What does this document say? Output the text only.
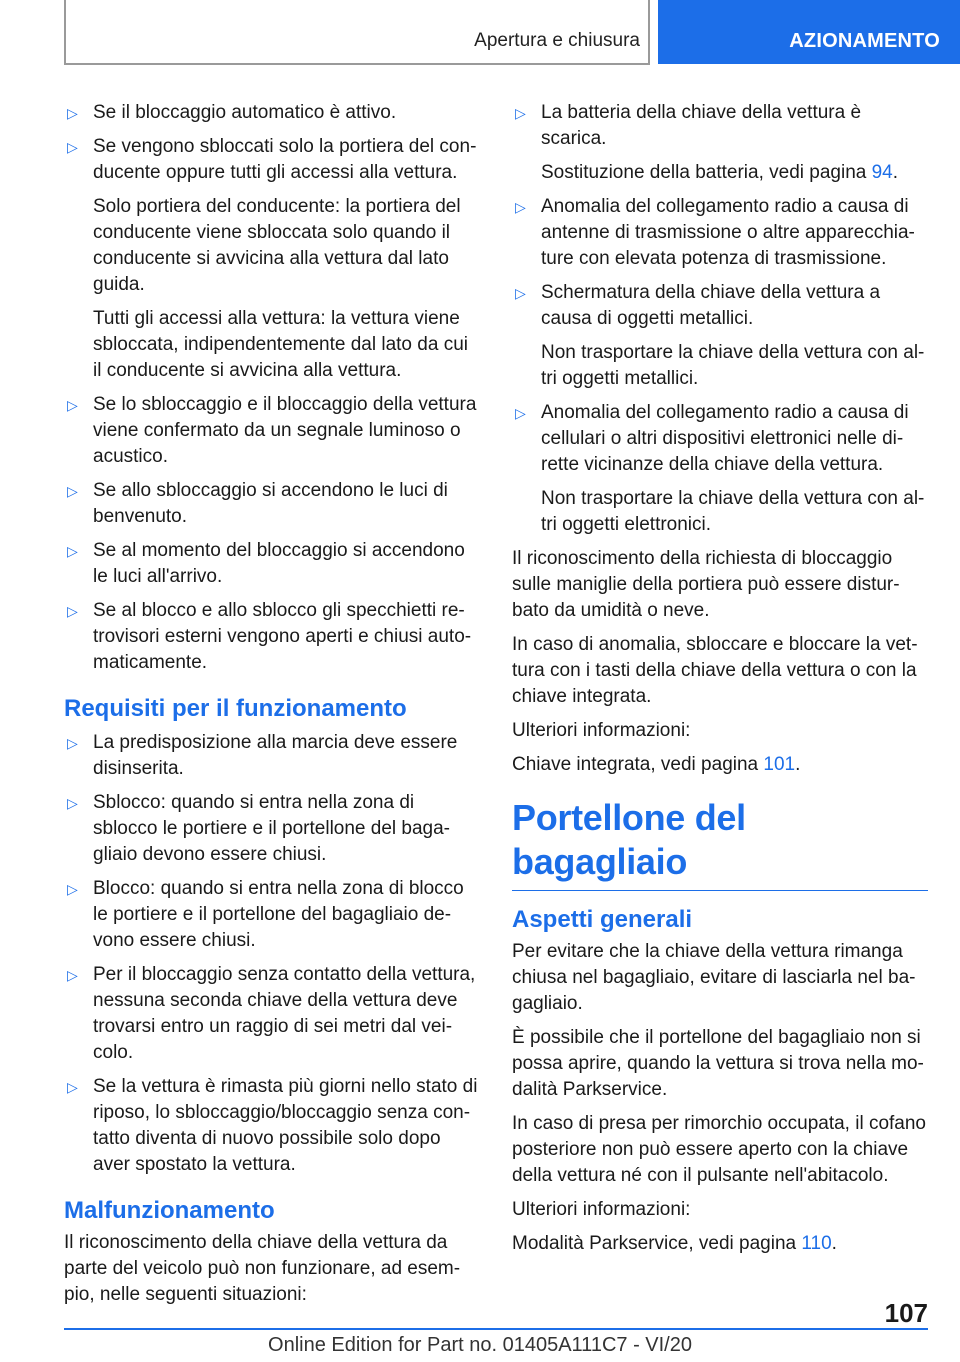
Apertura e chiusura	AZIONAMENTO
▷ Se il bloccaggio automatico è attivo.
▷ Se vengono sbloccati solo la portiera del con-ducente oppure tutti gli accessi alla vettura.
Solo portiera del conducente: la portiera del conducente viene sbloccata solo quando il conducente si avvicina alla vettura dal lato guida.
Tutti gli accessi alla vettura: la vettura viene sbloccata, indipendentemente dal lato da cui il conducente si avvicina alla vettura.
▷ Se lo sbloccaggio e il bloccaggio della vettura viene confermato da un segnale luminoso o acustico.
▷ Se allo sbloccaggio si accendono le luci di benvenuto.
▷ Se al momento del bloccaggio si accendono le luci all'arrivo.
▷ Se al blocco e allo sblocco gli specchietti re-trovisori esterni vengono aperti e chiusi auto-maticamente.
Requisiti per il funzionamento
▷ La predisposizione alla marcia deve essere disinserita.
▷ Sblocco: quando si entra nella zona di sblocco le portiere e il portellone del baga-gliaio devono essere chiusi.
▷ Blocco: quando si entra nella zona di blocco le portiere e il portellone del bagagliaio de-vono essere chiusi.
▷ Per il bloccaggio senza contatto della vettura, nessuna seconda chiave della vettura deve trovarsi entro un raggio di sei metri dal vei-colo.
▷ Se la vettura è rimasta più giorni nello stato di riposo, lo sbloccaggio/bloccaggio senza con-tatto diventa di nuovo possibile solo dopo aver spostato la vettura.
Malfunzionamento

Il riconoscimento della chiave della vettura da parte del veicolo può non funzionare, ad esem-pio, nelle seguenti situazioni:

▷ La batteria della chiave della vettura è scarica.
Sostituzione della batteria, vedi pagina 94.
▷ Anomalia del collegamento radio a causa di antenne di trasmissione o altre apparecchia-ture con elevata potenza di trasmissione.
▷ Schermatura della chiave della vettura a causa di oggetti metallici.
Non trasportare la chiave della vettura con al-tri oggetti metallici.
▷ Anomalia del collegamento radio a causa di cellulari o altri dispositivi elettronici nelle di-rette vicinanze della chiave della vettura.
Non trasportare la chiave della vettura con al-tri oggetti elettronici.

Il riconoscimento della richiesta di bloccaggio sulle maniglie della portiera può essere distur-bato da umidità o neve.

In caso di anomalia, sbloccare e bloccare la vet-tura con i tasti della chiave della vettura o con la chiave integrata.

Ulteriori informazioni:

Chiave integrata, vedi pagina 101.

Portellone del bagagliaio
Aspetti generali

Per evitare che la chiave della vettura rimanga chiusa nel bagagliaio, evitare di lasciarla nel ba-gagliaio.

È possibile che il portellone del bagagliaio non si possa aprire, quando la vettura si trova nella mo-dalità Parkservice.

In caso di presa per rimorchio occupata, il cofano posteriore non può essere aperto con la chiave della vettura né con il pulsante nell'abitacolo.

Ulteriori informazioni:

Modalità Parkservice, vedi pagina 110.

107
Online Edition for Part no. 01405A111C7 - VI/20
